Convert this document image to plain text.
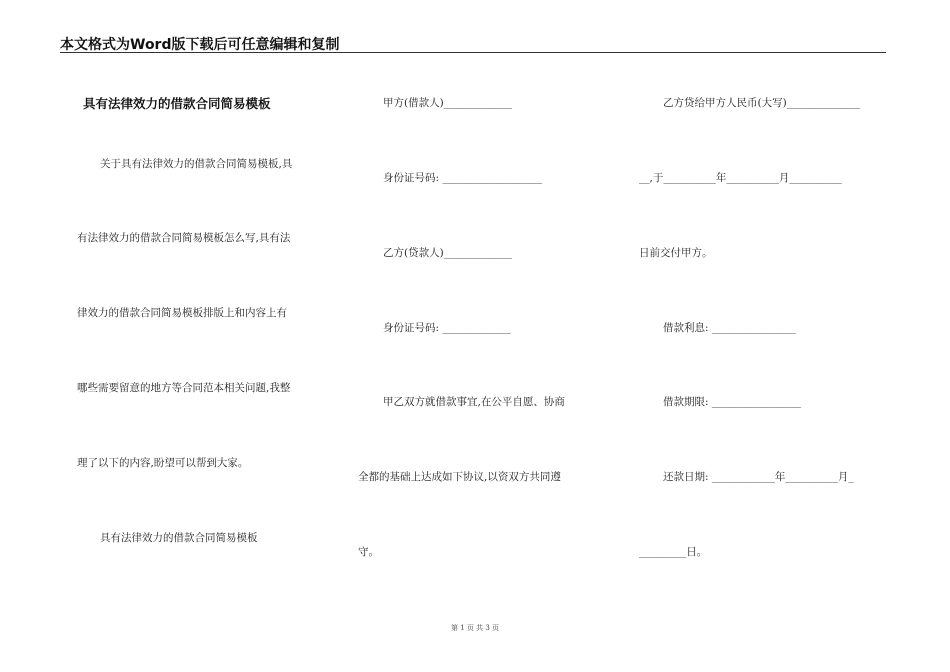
本文格式为Word版下载后可任意编辑和复制
具有法律效力的借款合同简易模板
关于具有法律效力的借款合同简易模板,具
有法律效力的借款合同简易模板怎么写,具有法
律效力的借款合同简易模板排版上和内容上有
哪些需要留意的地方等合同范本相关问题,我整
理了以下的内容,盼望可以帮到大家。
具有法律效力的借款合同简易模板
甲方(借款人)_____________
身份证号码: ___________________
乙方(贷款人)_____________
身份证号码: _____________
甲乙双方就借款事宜,在公平自愿、协商
全都的基础上达成如下协议,以资双方共同遵
守。
乙方贷给甲方人民币(大写)______________
__,于__________年__________月__________
日前交付甲方。
借款利息: ________________
借款期限: _________________
还款日期: ____________年__________月_
_________日。
第 1 页 共 3 页
